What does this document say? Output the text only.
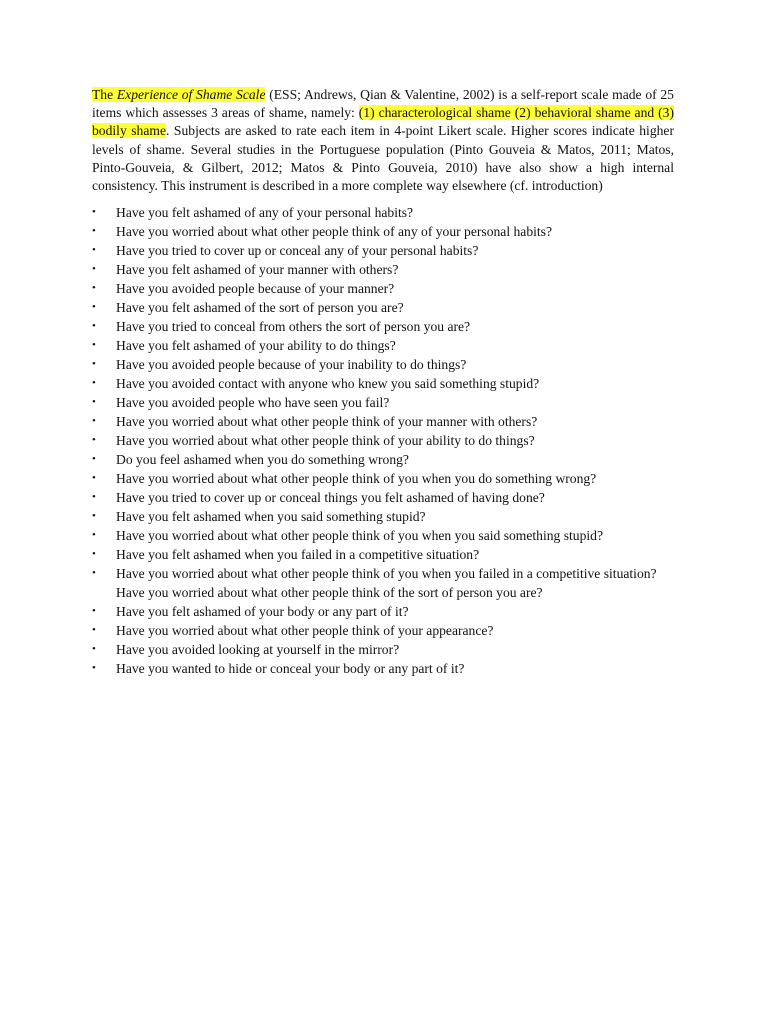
The Experience of Shame Scale (ESS; Andrews, Qian & Valentine, 2002) is a self-report scale made of 25 items which assesses 3 areas of shame, namely: (1) characterological shame (2) behavioral shame and (3) bodily shame. Subjects are asked to rate each item in 4-point Likert scale. Higher scores indicate higher levels of shame. Several studies in the Portuguese population (Pinto Gouveia & Matos, 2011; Matos, Pinto-Gouveia, & Gilbert, 2012; Matos & Pinto Gouveia, 2010) have also show a high internal consistency. This instrument is described in a more complete way elsewhere (cf. introduction)

•	Have you felt ashamed of any of your personal habits?
•	Have you worried about what other people think of any of your personal habits?
•	Have you tried to cover up or conceal any of your personal habits?
•	Have you felt ashamed of your manner with others?
•	Have you avoided people because of your manner?
•	Have you felt ashamed of the sort of person you are?
•	Have you tried to conceal from others the sort of person you are?
•	Have you felt ashamed of your ability to do things?
•	Have you avoided people because of your inability to do things?
•	Have you avoided contact with anyone who knew you said something stupid?
•	Have you avoided people who have seen you fail?
•	Have you worried about what other people think of your manner with others?
•	Have you worried about what other people think of your ability to do things?
•	Do you feel ashamed when you do something wrong?
•	Have you worried about what other people think of you when you do something wrong?
•	Have you tried to cover up or conceal things you felt ashamed of having done?
•	Have you felt ashamed when you said something stupid?
•	Have you worried about what other people think of you when you said something stupid?
•	Have you felt ashamed when you failed in a competitive situation?
•	Have you worried about what other people think of you when you failed in a competitive situation? Have you worried about what other people think of the sort of person you are?
•	Have you felt ashamed of your body or any part of it?
•	Have you worried about what other people think of your appearance?
•	Have you avoided looking at yourself in the mirror?
•	Have you wanted to hide or conceal your body or any part of it?
